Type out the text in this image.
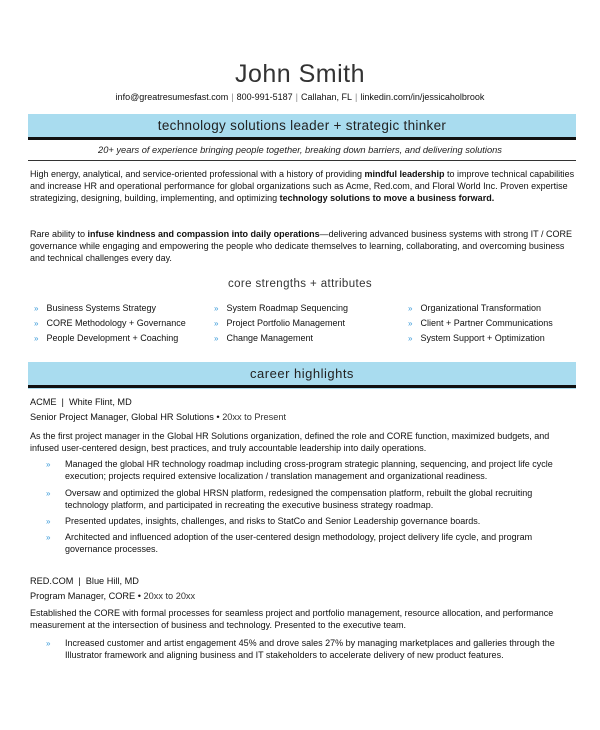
John Smith
info@greatresumesfast.com | 800-991-5187 | Callahan, FL | linkedin.com/in/jessicaholbrook
technology solutions leader + strategic thinker
20+ years of experience bringing people together, breaking down barriers, and delivering solutions
High energy, analytical, and service-oriented professional with a history of providing mindful leadership to improve technical capabilities and increase HR and operational performance for global organizations such as Acme, Red.com, and Floral World Inc. Proven expertise strategizing, designing, building, implementing, and optimizing technology solutions to move a business forward.
Rare ability to infuse kindness and compassion into daily operations—delivering advanced business systems with strong IT / CORE governance while engaging and empowering the people who dedicate themselves to learning, collaborating, and overcoming business and technical challenges every day.
core strengths + attributes
» Business Systems Strategy
» CORE Methodology + Governance
» People Development + Coaching
» System Roadmap Sequencing
» Project Portfolio Management
» Change Management
» Organizational Transformation
» Client + Partner Communications
» System Support + Optimization
career highlights
ACME | White Flint, MD
Senior Project Manager, Global HR Solutions • 20xx to Present
As the first project manager in the Global HR Solutions organization, defined the role and CORE function, maximized budgets, and infused user-centered design, best practices, and truly accountable leadership into daily operations.
»	Managed the global HR technology roadmap including cross-program strategic planning, sequencing, and project life cycle execution; projects required extensive localization / translation management and organizational readiness.
»	Oversaw and optimized the global HRSN platform, redesigned the compensation platform, rebuilt the global recruiting technology platform, and participated in recreating the executive business strategy roadmap.
»	Presented updates, insights, challenges, and risks to StatCo and Senior Leadership governance boards.
»	Architected and influenced adoption of the user-centered design methodology, project delivery life cycle, and program governance processes.
RED.COM | Blue Hill, MD
Program Manager, CORE • 20xx to 20xx
Established the CORE with formal processes for seamless project and portfolio management, resource allocation, and performance measurement at the intersection of business and technology. Presented to the executive team.
»	Increased customer and artist engagement 45% and drove sales 27% by managing marketplaces and galleries through the Illustrator framework and aligning business and IT stakeholders to accelerate delivery of new product features.
